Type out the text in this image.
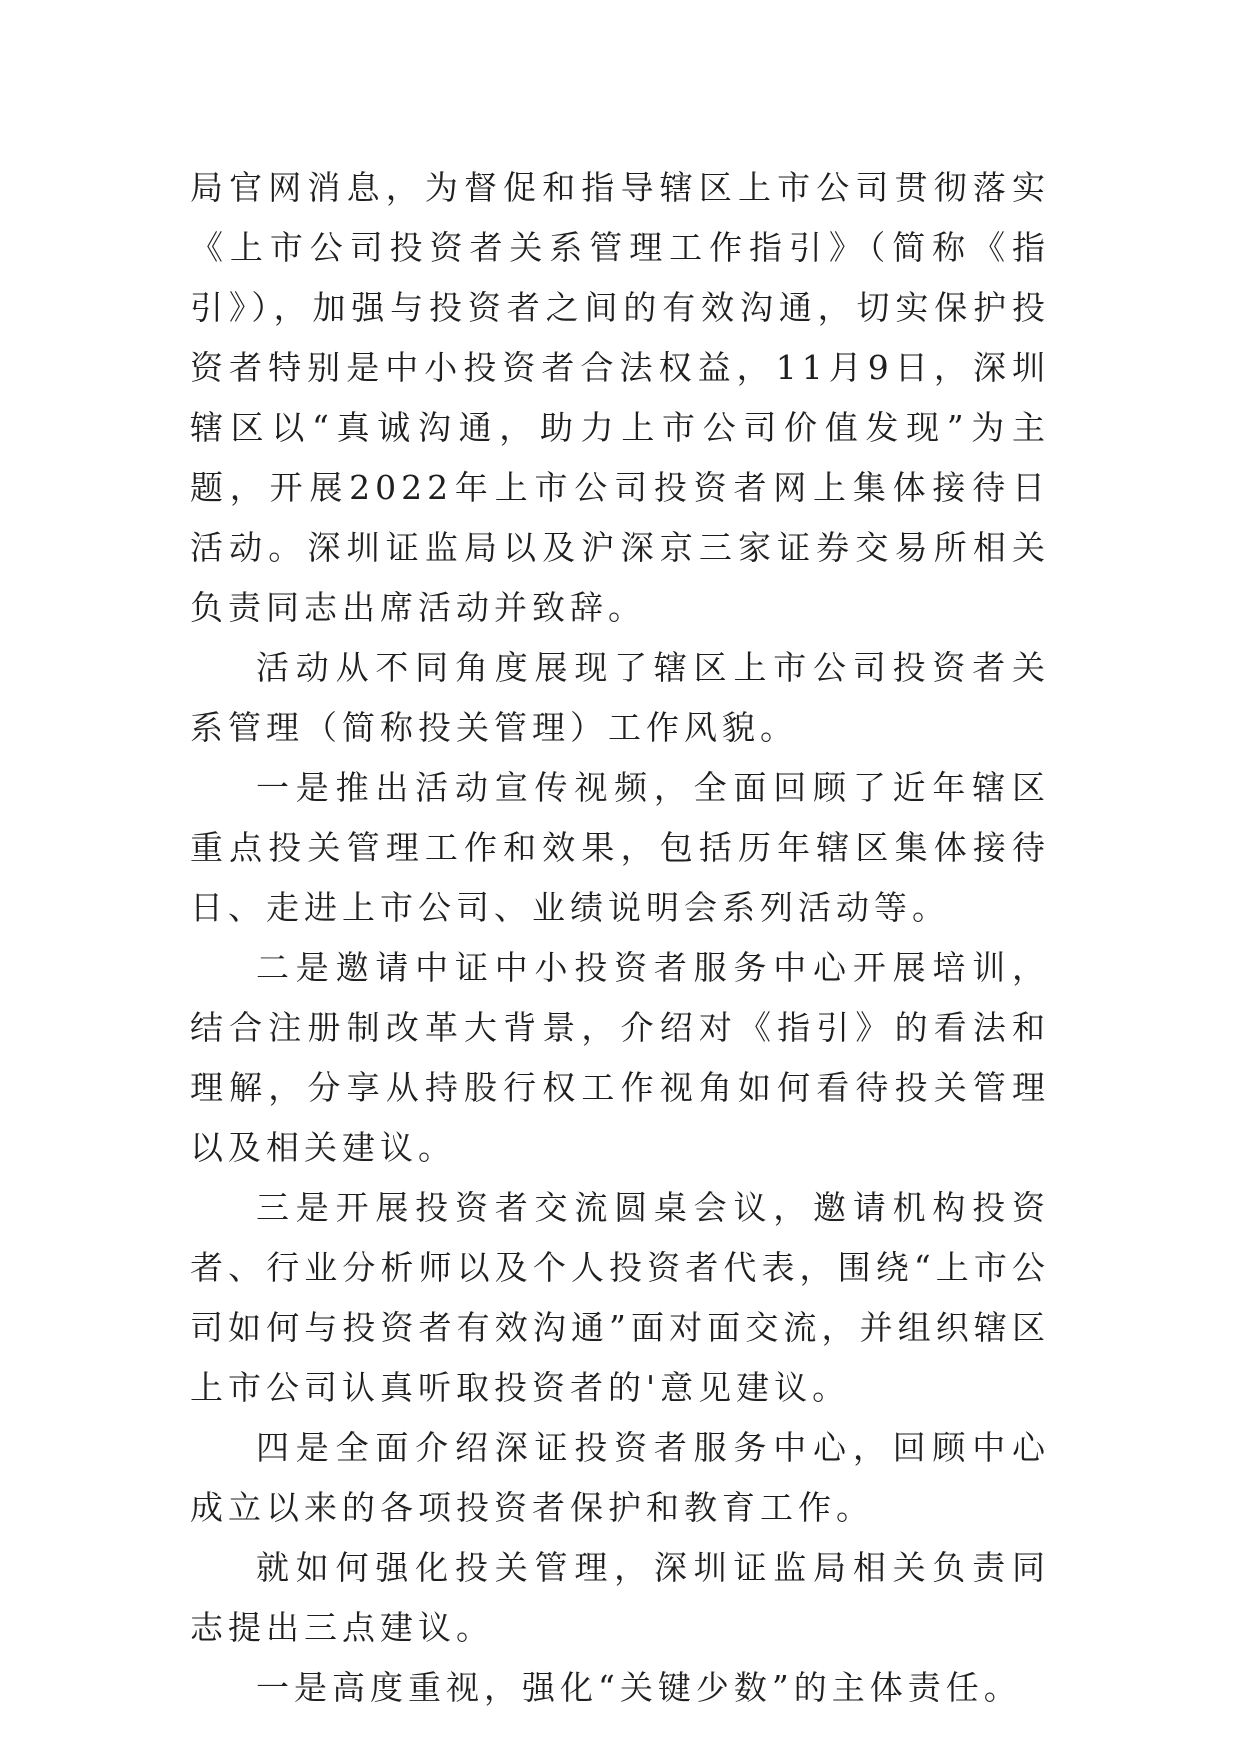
局官网消息，为督促和指导辖区上市公司贯彻落实《上市公司投资者关系管理工作指引》（简称《指引》），加强与投资者之间的有效沟通，切实保护投资者特别是中小投资者合法权益，11月9日，深圳辖区以“真诚沟通，助力上市公司价值发现”为主题，开展2022年上市公司投资者网上集体接待日活动。深圳证监局以及沪深京三家证券交易所相关负责同志出席活动并致辞。

活动从不同角度展现了辖区上市公司投资者关系管理（简称投关管理）工作风貌。

一是推出活动宣传视频，全面回顾了近年辖区重点投关管理工作和效果，包括历年辖区集体接待日、走进上市公司、业绩说明会系列活动等。

二是邀请中证中小投资者服务中心开展培训，结合注册制改革大背景，介绍对《指引》的看法和理解，分享从持股行权工作视角如何看待投关管理以及相关建议。

三是开展投资者交流圆桌会议，邀请机构投资者、行业分析师以及个人投资者代表，围绕“上市公司如何与投资者有效沟通”面对面交流，并组织辖区上市公司认真听取投资者的'意见建议。

四是全面介绍深证投资者服务中心，回顾中心成立以来的各项投资者保护和教育工作。

就如何强化投关管理，深圳证监局相关负责同志提出三点建议。

一是高度重视，强化“关键少数”的主体责任。
